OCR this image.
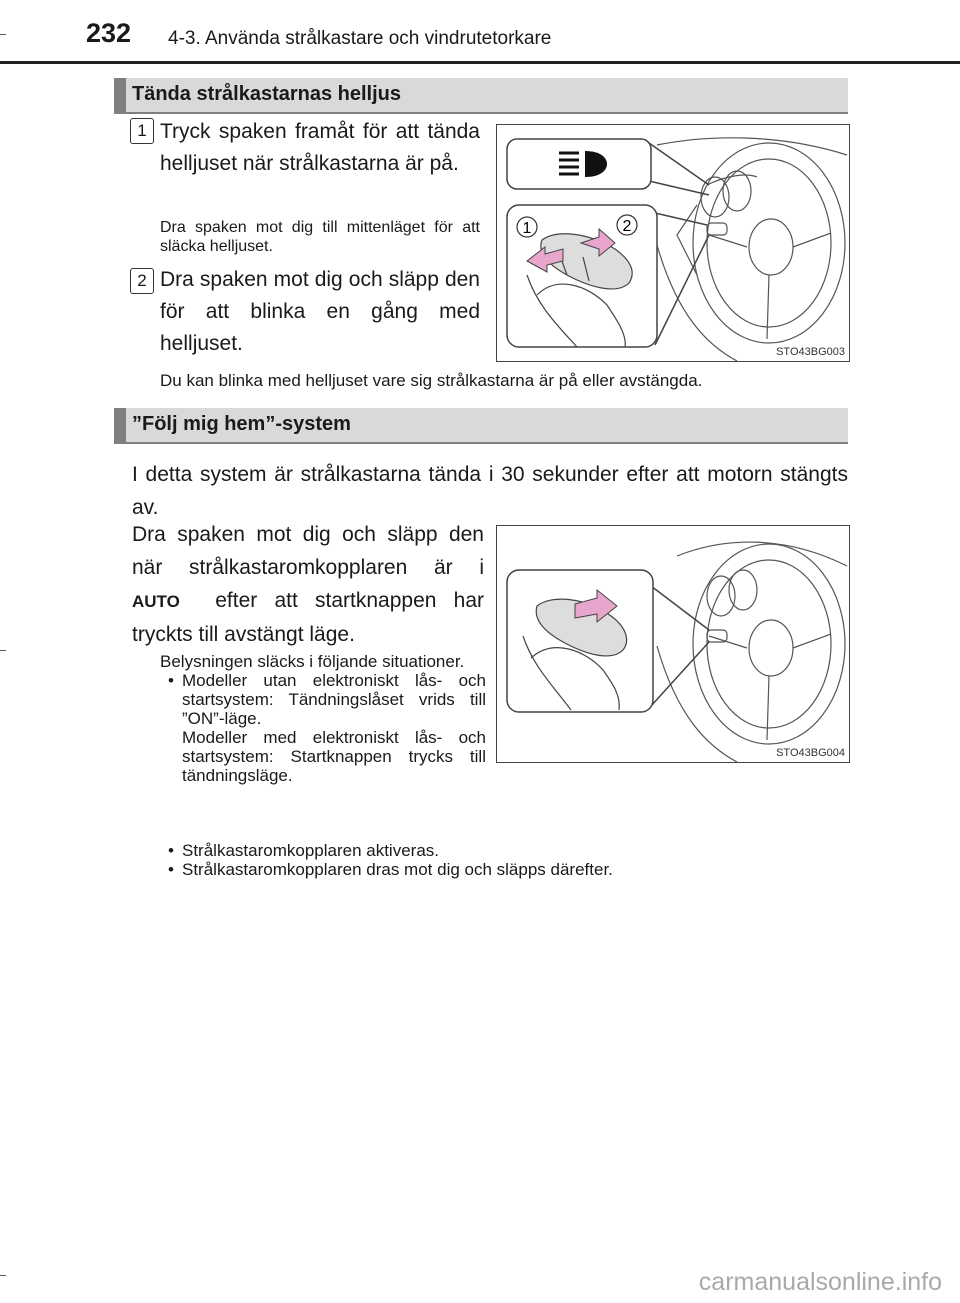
232 4-3. Använda strålkastare och vindrutetorkare
Tända strålkastarnas helljus
1 Tryck spaken framåt för att tända helljuset när strålkastarna är på.
Dra spaken mot dig till mittenläget för att släcka helljuset.
2 Dra spaken mot dig och släpp den för att blinka en gång med helljuset.
Du kan blinka med helljuset vare sig strålkastarna är på eller avstängda.
1	2
STO43BG003
”Följ mig hem”-system
I detta system är strålkastarna tända i 30 sekunder efter att motorn stängts av.
Dra spaken mot dig och släpp den när strålkastaromkopplaren är i AUTO efter att startknappen har tryckts till avstängt läge.
Belysningen släcks i följande situationer.
• Modeller utan elektroniskt lås- och startsystem: Tändningslåset vrids till ”ON”-läge.
Modeller med elektroniskt lås- och startsystem: Startknappen trycks till tändningsläge.
• Strålkastaromkopplaren aktiveras.
• Strålkastaromkopplaren dras mot dig och släpps därefter.
STO43BG004
carmanualsonline.info
